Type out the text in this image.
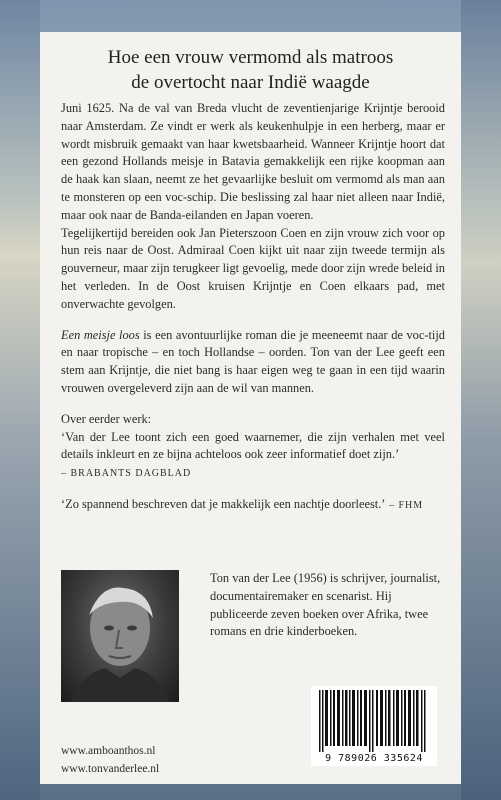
Hoe een vrouw vermomd als matroos
de overtocht naar Indië waagde

Juni 1625. Na de val van Breda vlucht de zeventienjarige Krijntje berooid naar Amsterdam. Ze vindt er werk als keukenhulpje in een herberg, maar er wordt misbruik gemaakt van haar kwetsbaarheid. Wanneer Krijntje hoort dat een gezond Hollands meisje in Batavia gemakkelijk een rijke koopman aan de haak kan slaan, neemt ze het gevaarlijke besluit om vermomd als man aan te monsteren op een voc-schip. Die beslissing zal haar niet alleen naar Indië, maar ook naar de Banda-eilanden en Japan voeren.

Tegelijkertijd bereiden ook Jan Pieterszoon Coen en zijn vrouw zich voor op hun reis naar de Oost. Admiraal Coen kijkt uit naar zijn tweede termijn als gouverneur, maar zijn terugkeer ligt gevoelig, mede door zijn wrede beleid in het verleden. In de Oost kruisen Krijntje en Coen elkaars pad, met onverwachte gevolgen.

Een meisje loos is een avontuurlijke roman die je meeneemt naar de voc-tijd en naar tropische – en toch Hollandse – oorden. Ton van der Lee geeft een stem aan Krijntje, die niet bang is haar eigen weg te gaan in een tijd waarin vrouwen overgeleverd zijn aan de wil van mannen.

Over eerder werk:

‘Van der Lee toont zich een goed waarnemer, die zijn verhalen met veel details inkleurt en ze bijna achteloos ook zeer informatief doet zijn.’
– BRABANTS DAGBLAD

‘Zo spannend beschreven dat je makkelijk een nachtje doorleest.’ – FHM

Ton van der Lee (1956) is schrijver, journalist, documentairemaker en scenarist. Hij publiceerde zeven boeken over Afrika, twee romans en drie kinderboeken.
www.amboanthos.nl
www.tonvanderlee.nl
9 789026 335624
